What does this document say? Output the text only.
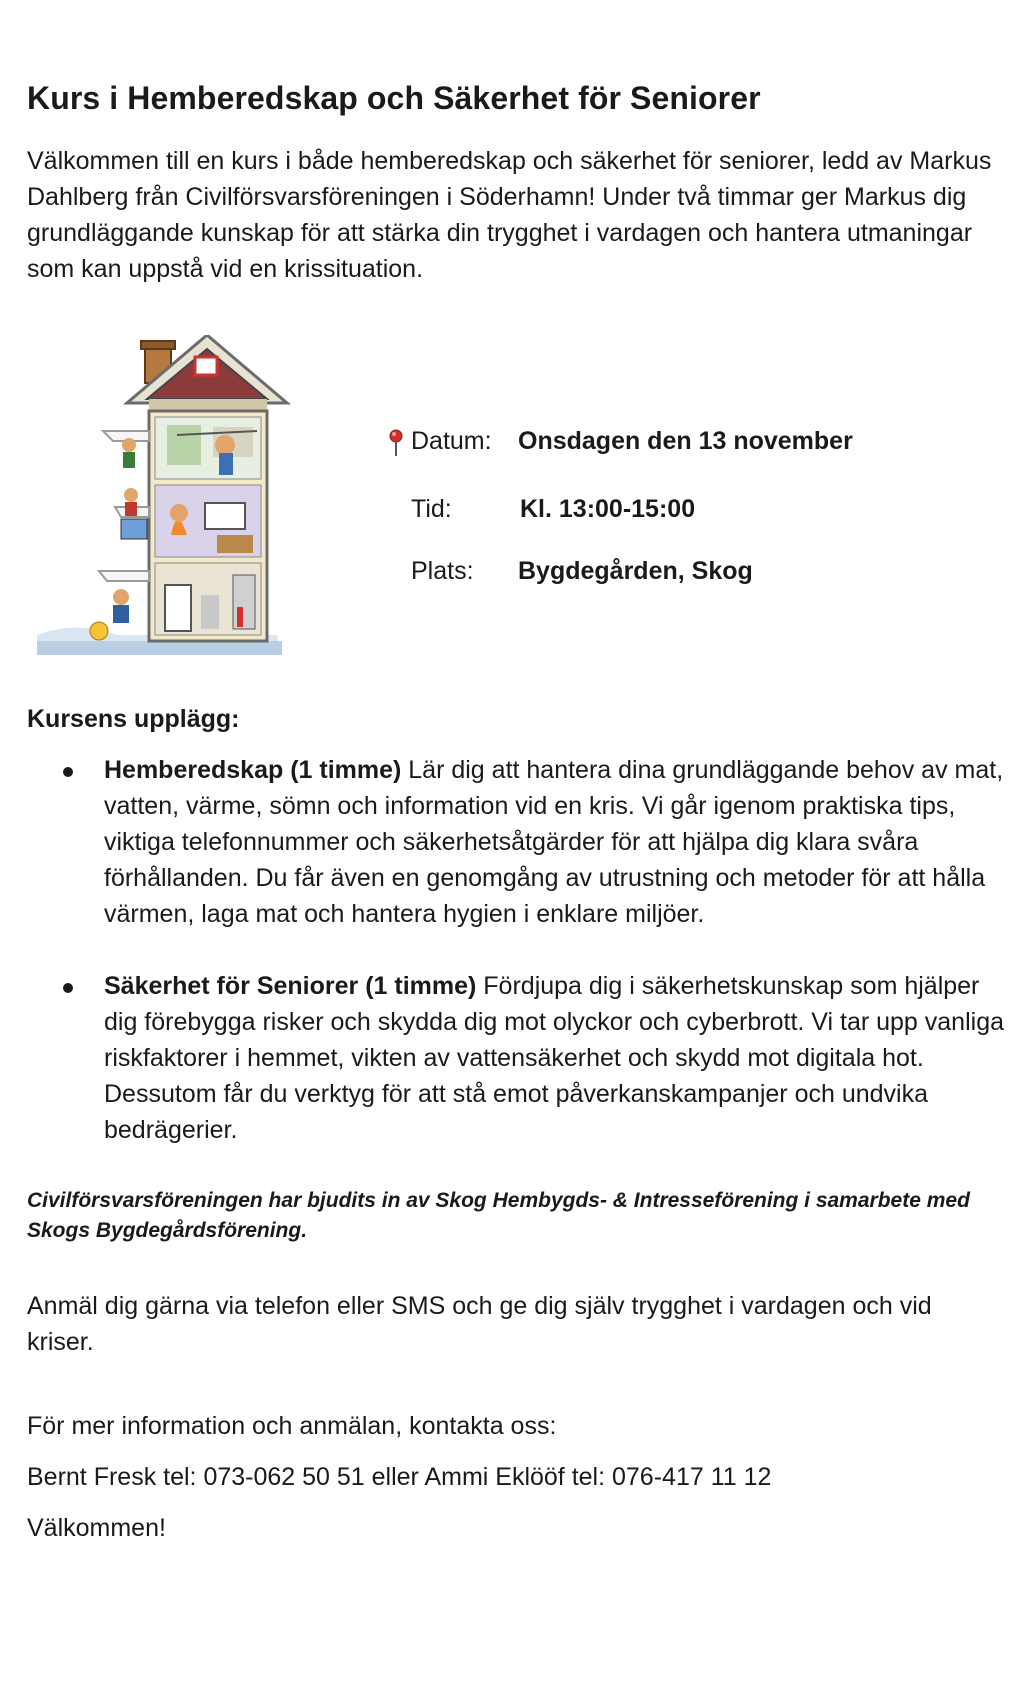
Kurs i Hemberedskap och Säkerhet för Seniorer

Välkommen till en kurs i både hemberedskap och säkerhet för seniorer, ledd av Markus Dahlberg från Civilförsvarsföreningen i Söderhamn! Under två timmar ger Markus dig grundläggande kunskap för att stärka din trygghet i vardagen och hantera utmaningar som kan uppstå vid en krissituation.

Datum: Onsdagen den 13 november
Tid:	Kl. 13:00-15:00
Plats: Bygdegården, Skog
Kursens upplägg:
Hemberedskap (1 timme) Lär dig att hantera dina grundläggande behov av mat, vatten, värme, sömn och information vid en kris. Vi går igenom praktiska tips, viktiga telefonnummer och säkerhetsåtgärder för att hjälpa dig klara svåra förhållanden. Du får även en genomgång av utrustning och metoder för att hålla värmen, laga mat och hantera hygien i enklare miljöer.
Säkerhet för Seniorer (1 timme) Fördjupa dig i säkerhetskunskap som hjälper dig förebygga risker och skydda dig mot olyckor och cyberbrott. Vi tar upp vanliga riskfaktorer i hemmet, vikten av vattensäkerhet och skydd mot digitala hot. Dessutom får du verktyg för att stå emot påverkanskampanjer och undvika bedrägerier.

Civilförsvarsföreningen har bjudits in av Skog Hembygds- & Intresseförening i samarbete med Skogs Bygdegårdsförening.

Anmäl dig gärna via telefon eller SMS och ge dig själv trygghet i vardagen och vid kriser.

För mer information och anmälan, kontakta oss:

Bernt Fresk tel: 073-062 50 51 eller Ammi Eklööf tel: 076-417 11 12

Välkommen!
